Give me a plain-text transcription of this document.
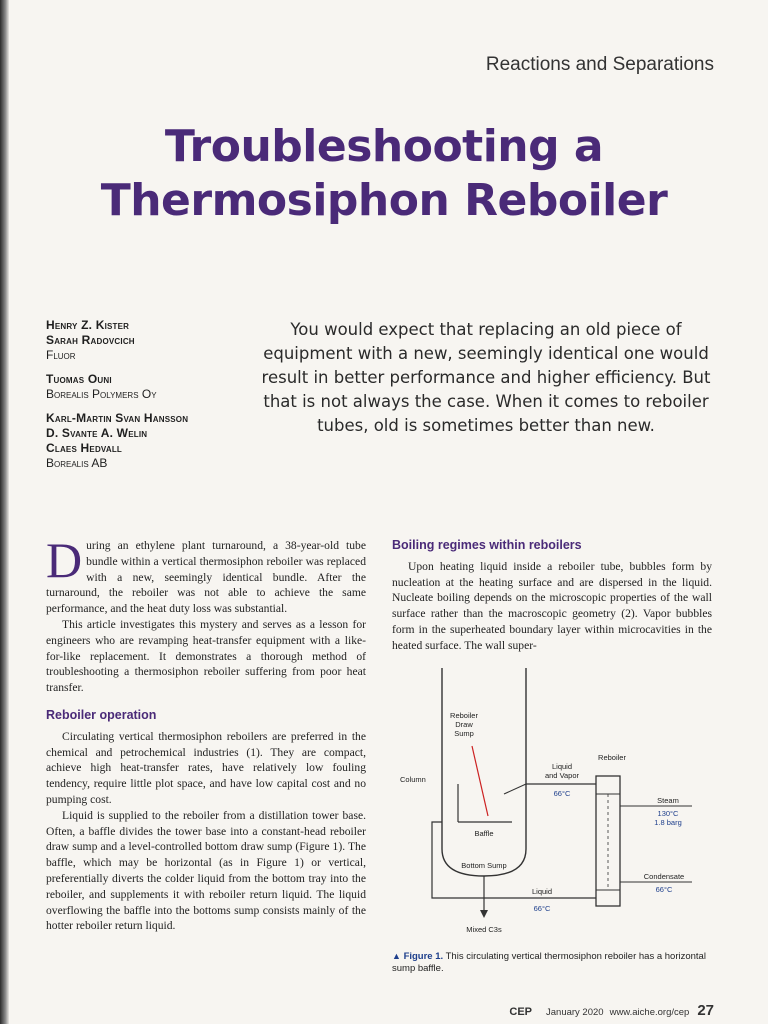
Reactions and Separations
Troubleshooting a
Thermosiphon Reboiler
Henry Z. Kister
Sarah Radovcich
Fluor
Tuomas Ouni
Borealis Polymers Oy
Karl-Martin Svan Hansson
D. Svante A. Welin
Claes Hedvall
Borealis AB
You would expect that replacing an old piece of equipment with a new, seemingly identical one would result in better performance and higher efficiency. But that is not always the case. When it comes to reboiler tubes, old is sometimes better than new.

During an ethylene plant turnaround, a 38-year-old tube bundle within a vertical thermosiphon reboiler was replaced with a new, seemingly identical bundle. After the turnaround, the reboiler was not able to achieve the same performance, and the heat duty loss was substantial.

This article investigates this mystery and serves as a lesson for engineers who are revamping heat-transfer equipment with a like-for-like replacement. It demonstrates a thorough method of troubleshooting a thermosiphon reboiler suffering from poor heat transfer.

Reboiler operation

Circulating vertical thermosiphon reboilers are preferred in the chemical and petrochemical industries (1). They are compact, achieve high heat-transfer rates, have relatively low fouling tendency, require little plot space, and have low capital cost and no pumping cost.

Liquid is supplied to the reboiler from a distillation tower base. Often, a baffle divides the tower base into a constant-head reboiler draw sump and a level-controlled bottom draw sump (Figure 1). The baffle, which may be horizontal (as in Figure 1) or vertical, preferentially diverts the colder liquid from the bottom tray into the reboiler, and supplements it with reboiler return liquid. The liquid overflowing the baffle into the bottoms sump consists mainly of the hotter reboiler return liquid.

Boiling regimes within reboilers

Upon heating liquid inside a reboiler tube, bubbles form by nucleation at the heating surface and are dispersed in the liquid. Nucleate boiling depends on the microscopic properties of the wall surface rather than the macroscopic geometry (2). Vapor bubbles form in the superheated boundary layer within microcavities in the heated surface. The wall super-

Reboiler
Draw
Sump
Column
Liquid
and Vapor
66°C
Reboiler
Steam
130°C
1.8 barg
Baffle
Bottom Sump
Condensate
66°C
Liquid
66°C
Mixed C3s
▲ Figure 1. This circulating vertical thermosiphon reboiler has a horizontal sump baffle.
CEP January 2020 www.aiche.org/cep 27
